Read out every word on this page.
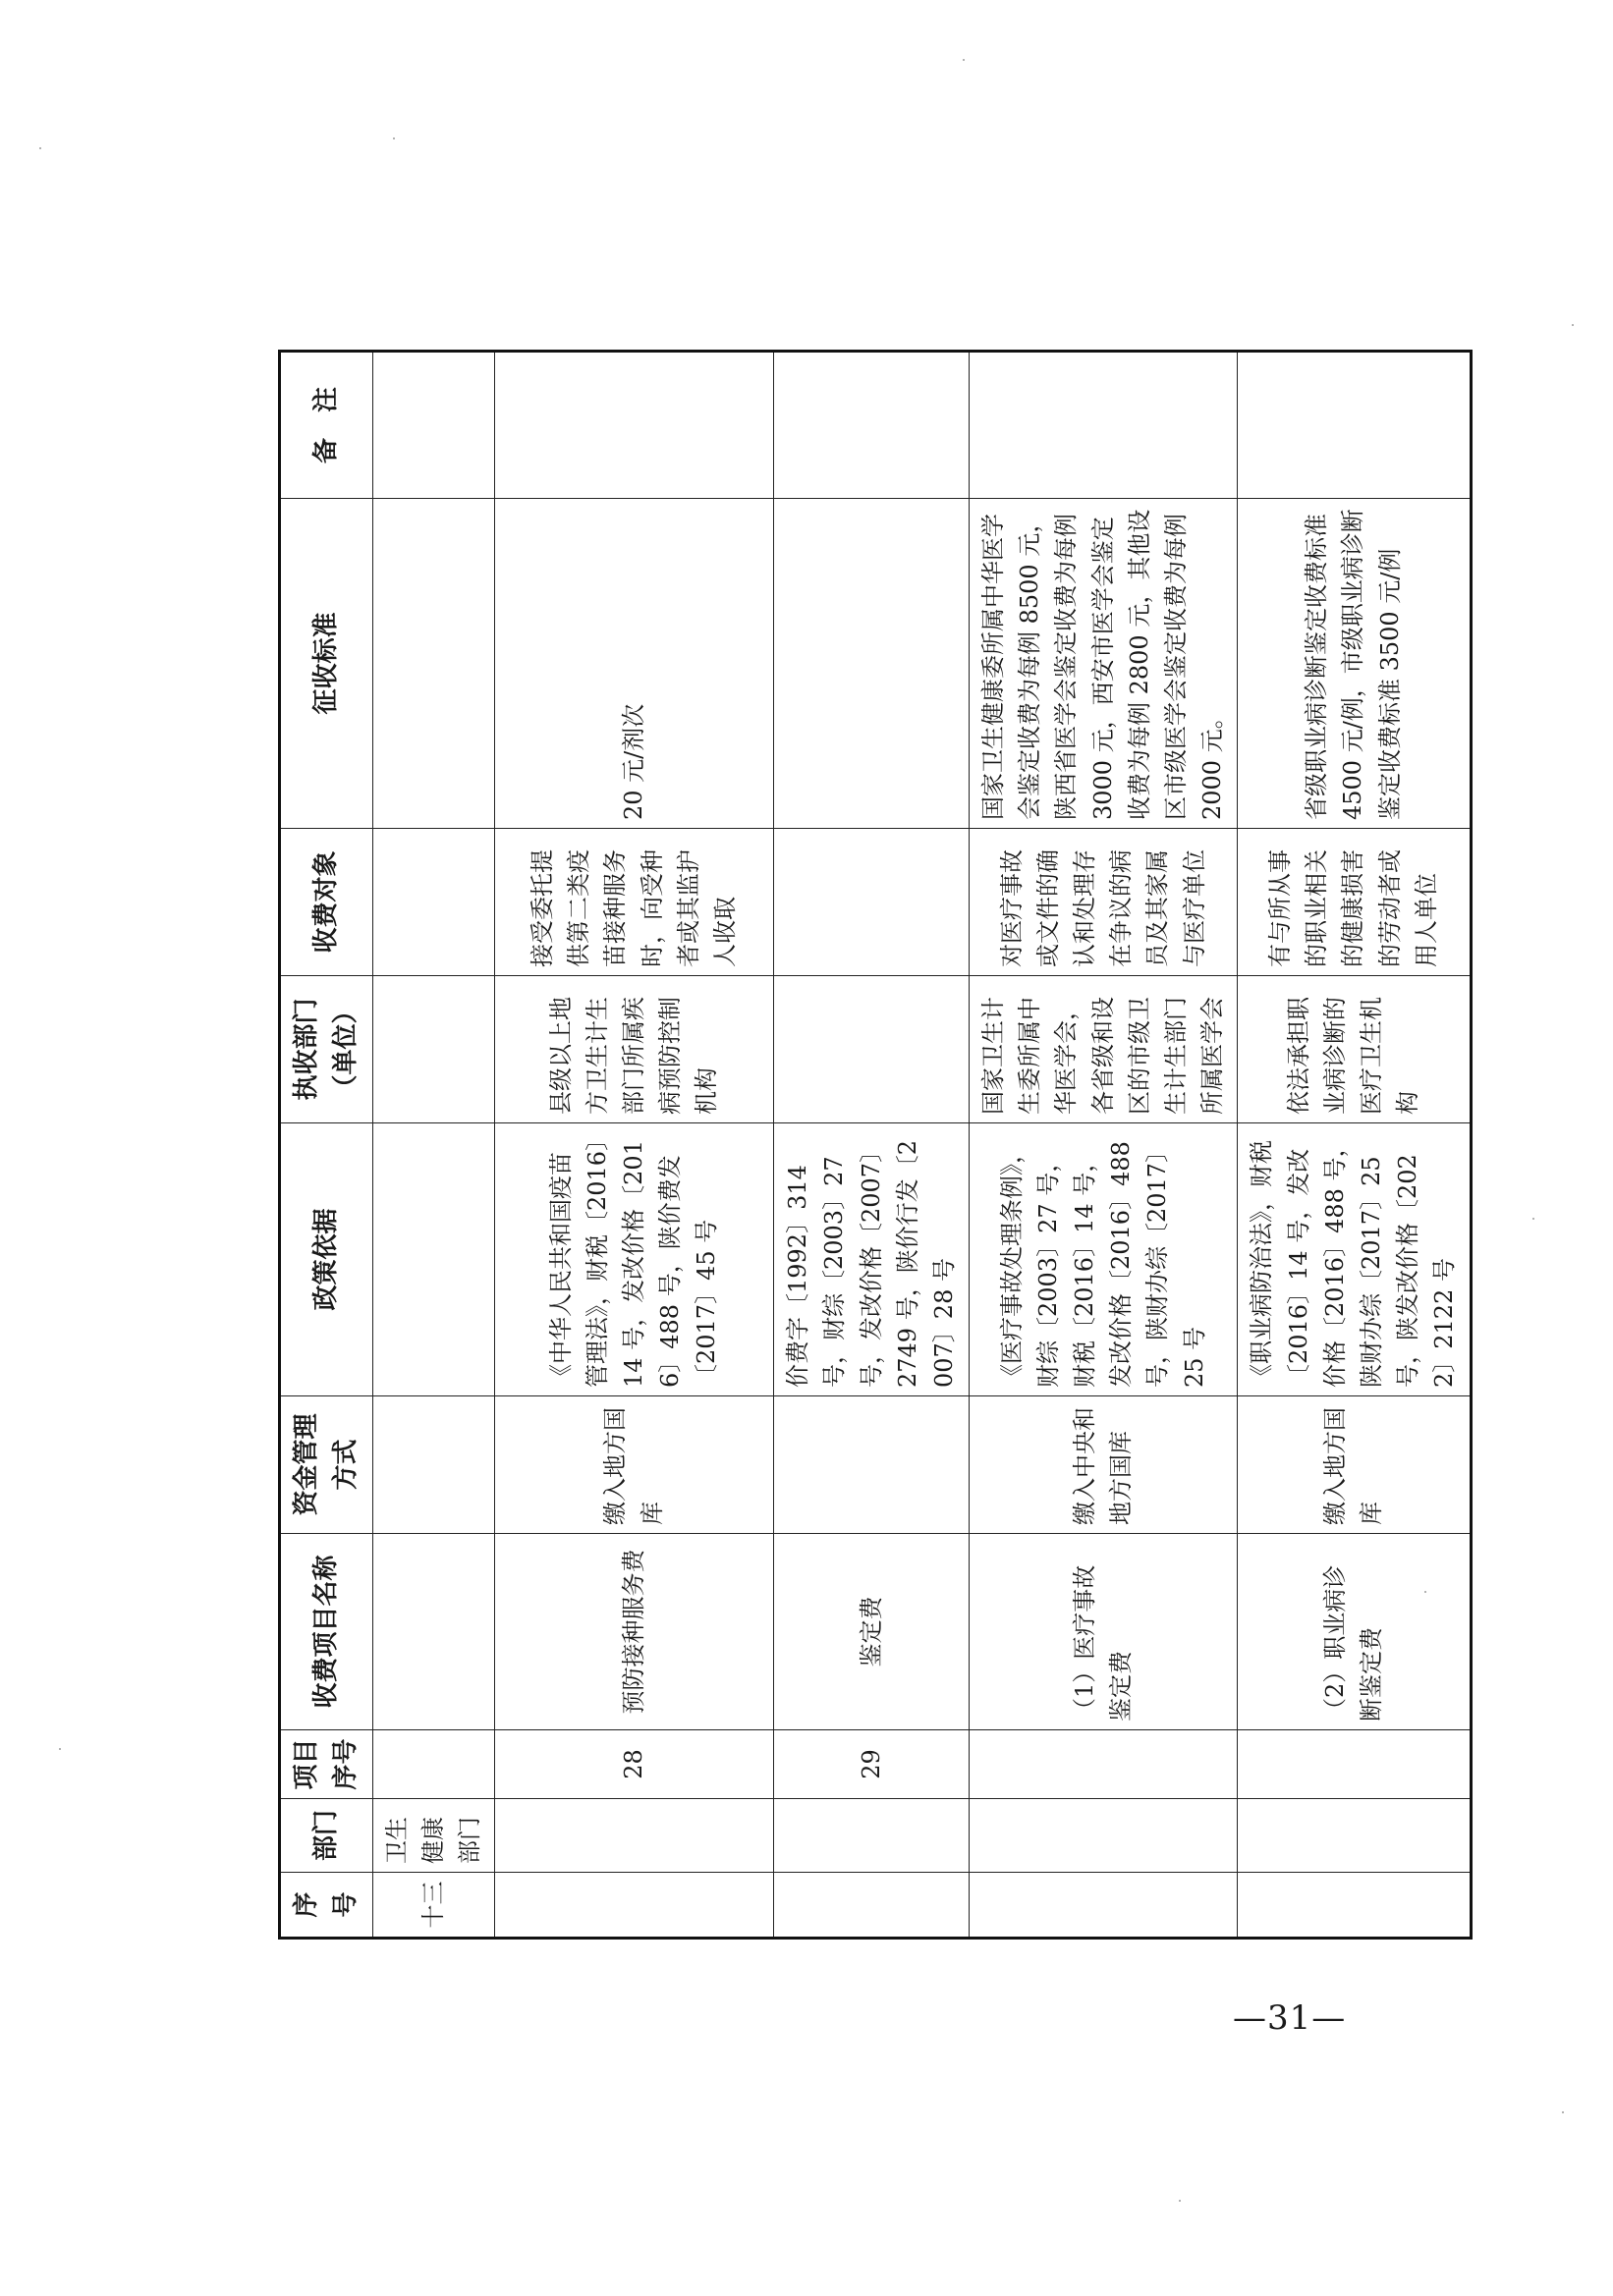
序号	部门	项目序号	收费项目名称	资金管理方式	政策依据	执收部门（单位）	收费对象	征收标准	备　注
十三	卫生健康部门								
		28	预防接种服务费	缴入地方国库	《中华人民共和国疫苗管理法》，财税〔2016〕14 号，发改价格〔2016〕488 号，陕价费发〔2017〕45 号	县级以上地方卫生计生部门所属疾病预防控制机构	接受委托提供第二类疫苗接种服务时，向受种者或其监护人收取	20 元/剂次	
		29	鉴定费		价费字〔1992〕314 号，财综〔2003〕27 号，发改价格〔2007〕2749 号，陕价行发〔2007〕28 号				
			（1）医疗事故鉴定费	缴入中央和地方国库	《医疗事故处理条例》，财综〔2003〕27 号，财税〔2016〕14 号，发改价格〔2016〕488 号，陕财办综〔2017〕25 号	国家卫生计生委所属中华医学会，各省级和设区的市级卫生计生部门所属医学会	对医疗事故或文件的确认和处理存在争议的病员及其家属与医疗单位	国家卫生健康委所属中华医学会鉴定收费为每例 8500 元，陕西省医学会鉴定收费为每例 3000 元，西安市医学会鉴定收费为每例 2800 元，其他设区市级医学会鉴定收费为每例 2000 元。	
			（2）职业病诊断鉴定费	缴入地方国库	《职业病防治法》，财税〔2016〕14 号，发改价格〔2016〕488 号，陕财办综〔2017〕25 号，陕发改价格〔2022〕2122 号	依法承担职业病诊断的医疗卫生机构	有与所从事的职业相关的健康损害的劳动者或用人单位	省级职业病诊断鉴定收费标准 4500 元/例，市级职业病诊断鉴定收费标准 3500 元/例	
—31—
